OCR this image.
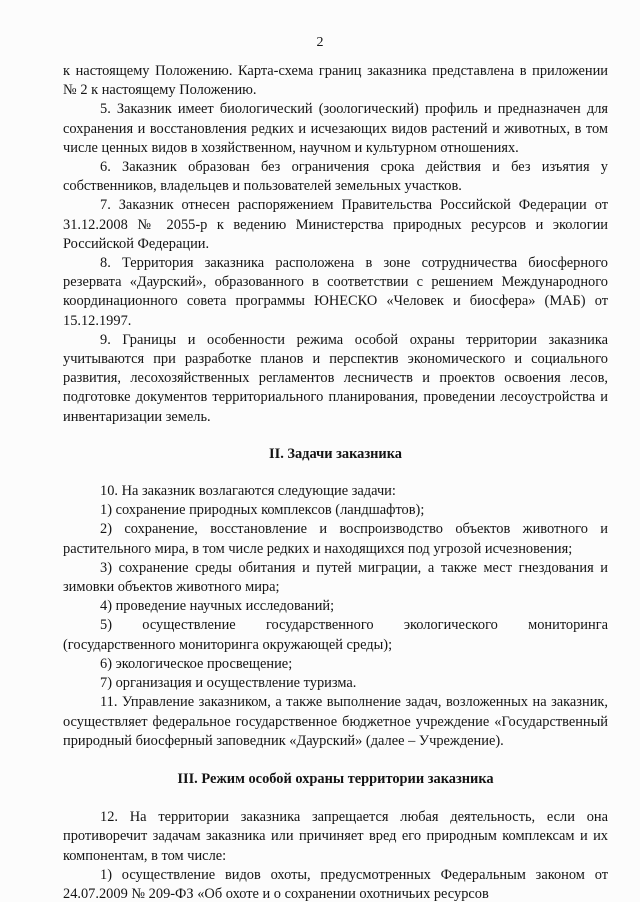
2

к настоящему Положению. Карта-схема границ заказника представлена в приложении № 2 к настоящему Положению.

5. Заказник имеет биологический (зоологический) профиль и предназначен для сохранения и восстановления редких и исчезающих видов растений и животных, в том числе ценных видов в хозяйственном, научном и культурном отношениях.

6. Заказник образован без ограничения срока действия и без изъятия у собственников, владельцев и пользователей земельных участков.

7. Заказник отнесен распоряжением Правительства Российской Федерации от 31.12.2008 № 2055-р к ведению Министерства природных ресурсов и экологии Российской Федерации.

8. Территория заказника расположена в зоне сотрудничества биосферного резервата «Даурский», образованного в соответствии с решением Международного координационного совета программы ЮНЕСКО «Человек и биосфера» (МАБ) от 15.12.1997.

9. Границы и особенности режима особой охраны территории заказника учитываются при разработке планов и перспектив экономического и социального развития, лесохозяйственных регламентов лесничеств и проектов освоения лесов, подготовке документов территориального планирования, проведении лесоустройства и инвентаризации земель.

II. Задачи заказника

10. На заказник возлагаются следующие задачи:

1) сохранение природных комплексов (ландшафтов);

2) сохранение, восстановление и воспроизводство объектов животного и растительного мира, в том числе редких и находящихся под угрозой исчезновения;

3) сохранение среды обитания и путей миграции, а также мест гнездования и зимовки объектов животного мира;

4) проведение научных исследований;

5) осуществление государственного экологического мониторинга (государственного мониторинга окружающей среды);

6) экологическое просвещение;

7) организация и осуществление туризма.

11. Управление заказником, а также выполнение задач, возложенных на заказник, осуществляет федеральное государственное бюджетное учреждение «Государственный природный биосферный заповедник «Даурский» (далее – Учреждение).

III. Режим особой охраны территории заказника

12. На территории заказника запрещается любая деятельность, если она противоречит задачам заказника или причиняет вред его природным комплексам и их компонентам, в том числе:

1) осуществление видов охоты, предусмотренных Федеральным законом от 24.07.2009 № 209-ФЗ «Об охоте и о сохранении охотничьих ресурсов
